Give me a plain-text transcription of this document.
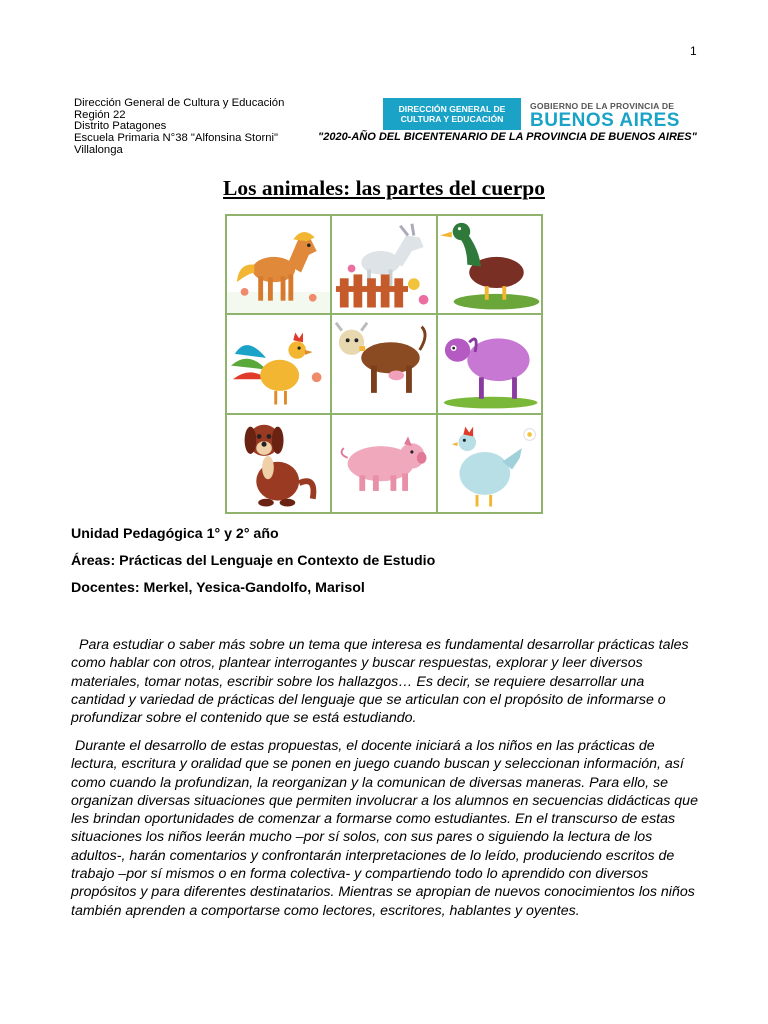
1
Dirección General de Cultura y Educación
Región 22
Distrito Patagones
Escuela Primaria N°38 "Alfonsina Storni"
Villalonga
DIRECCIÓN GENERAL DE
CULTURA Y EDUCACIÓN
GOBIERNO DE LA PROVINCIA DE
BUENOS AIRES
"2020-AÑO DEL BICENTENARIO DE LA PROVINCIA DE BUENOS AIRES"
Los animales: las partes del cuerpo
Unidad Pedagógica 1° y 2° año
Áreas: Prácticas del Lenguaje en Contexto de Estudio
Docentes: Merkel, Yesica-Gandolfo, Marisol

Para estudiar o saber más sobre un tema que interesa es fundamental desarrollar prácticas tales como hablar con otros, plantear interrogantes y buscar respuestas, explorar y leer diversos materiales, tomar notas, escribir sobre los hallazgos… Es decir, se requiere desarrollar una cantidad y variedad de prácticas del lenguaje que se articulan con el propósito de informarse o profundizar sobre el contenido que se está estudiando.

Durante el desarrollo de estas propuestas, el docente iniciará a los niños en las prácticas de lectura, escritura y oralidad que se ponen en juego cuando buscan y seleccionan información, así como cuando la profundizan, la reorganizan y la comunican de diversas maneras. Para ello, se organizan diversas situaciones que permiten involucrar a los alumnos en secuencias didácticas que les brindan oportunidades de comenzar a formarse como estudiantes. En el transcurso de estas situaciones los niños leerán mucho –por sí solos, con sus pares o siguiendo la lectura de los adultos-, harán comentarios y confrontarán interpretaciones de lo leído, produciendo escritos de trabajo –por sí mismos o en forma colectiva- y compartiendo todo lo aprendido con diversos propósitos y para diferentes destinatarios. Mientras se apropian de nuevos conocimientos los niños también aprenden a comportarse como lectores, escritores, hablantes y oyentes.
